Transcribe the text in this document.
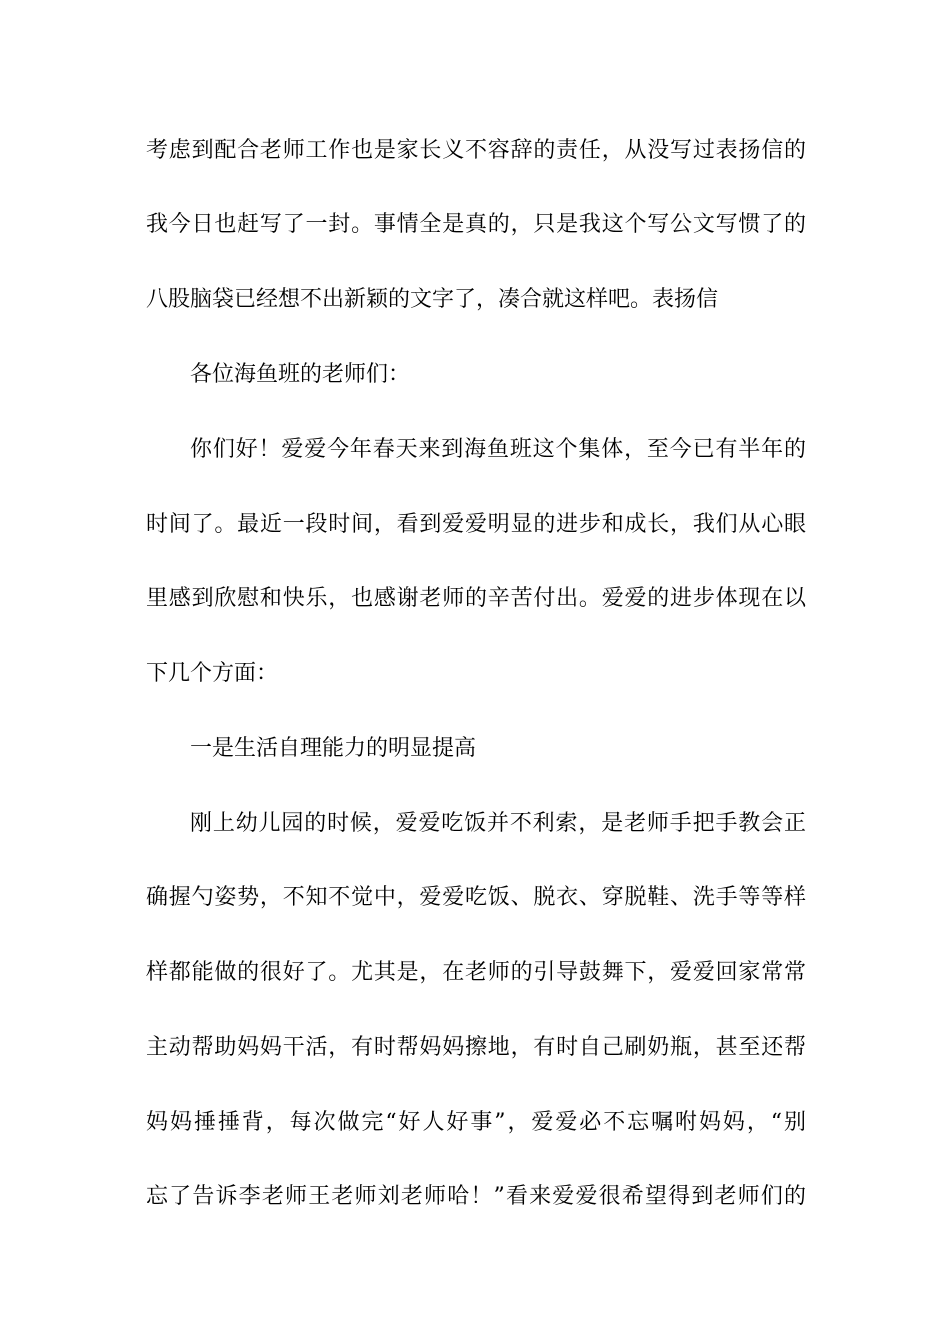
考虑到配合老师工作也是家长义不容辞的责任，从没写过表扬信的
我今日也赶写了一封。事情全是真的，只是我这个写公文写惯了的
八股脑袋已经想不出新颖的文字了，凑合就这样吧。表扬信
各位海鱼班的老师们：
你们好！爱爱今年春天来到海鱼班这个集体，至今已有半年的
时间了。最近一段时间，看到爱爱明显的进步和成长，我们从心眼
里感到欣慰和快乐，也感谢老师的辛苦付出。爱爱的进步体现在以
下几个方面：
一是生活自理能力的明显提高
刚上幼儿园的时候，爱爱吃饭并不利索，是老师手把手教会正
确握勺姿势，不知不觉中，爱爱吃饭、脱衣、穿脱鞋、洗手等等样
样都能做的很好了。尤其是，在老师的引导鼓舞下，爱爱回家常常
主动帮助妈妈干活，有时帮妈妈擦地，有时自己刷奶瓶，甚至还帮
妈妈捶捶背，每次做完“好人好事”，爱爱必不忘嘱咐妈妈，“别
忘了告诉李老师王老师刘老师哈！”看来爱爱很希望得到老师们的
